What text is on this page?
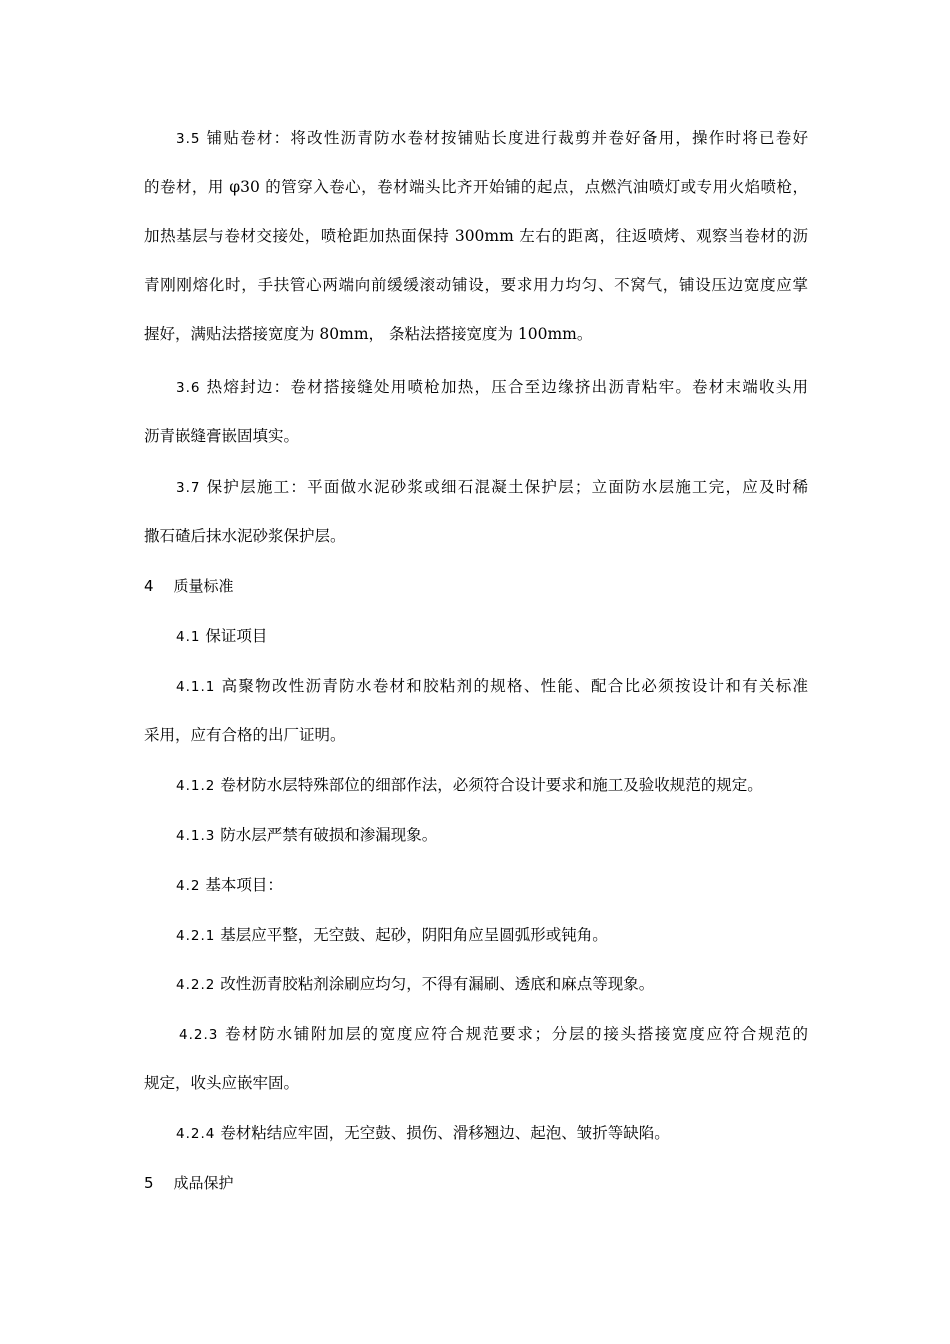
3.5 铺贴卷材：将改性沥青防水卷材按铺贴长度进行裁剪并卷好备用，操作时将已卷好
的卷材，用 φ30 的管穿入卷心，卷材端头比齐开始铺的起点，点燃汽油喷灯或专用火焰喷枪，
加热基层与卷材交接处，喷枪距加热面保持 300mm 左右的距离，往返喷烤、观察当卷材的沥
青刚刚熔化时，手扶管心两端向前缓缓滚动铺设，要求用力均匀、不窝气，铺设压边宽度应掌
握好，满贴法搭接宽度为 80mm， 条粘法搭接宽度为 100mm。
3.6 热熔封边：卷材搭接缝处用喷枪加热，压合至边缘挤出沥青粘牢。卷材末端收头用
沥青嵌缝膏嵌固填实。
3.7 保护层施工：平面做水泥砂浆或细石混凝土保护层；立面防水层施工完，应及时稀
撒石碴后抹水泥砂浆保护层。
4 质量标准
4.1 保证项目
4.1.1 高聚物改性沥青防水卷材和胶粘剂的规格、性能、配合比必须按设计和有关标准
采用，应有合格的出厂证明。
4.1.2 卷材防水层特殊部位的细部作法，必须符合设计要求和施工及验收规范的规定。
4.1.3 防水层严禁有破损和渗漏现象。
4.2 基本项目：
4.2.1 基层应平整，无空鼓、起砂，阴阳角应呈圆弧形或钝角。
4.2.2 改性沥青胶粘剂涂刷应均匀，不得有漏刷、透底和麻点等现象。
4.2.3 卷材防水铺附加层的宽度应符合规范要求；分层的接头搭接宽度应符合规范的
规定，收头应嵌牢固。
4.2.4 卷材粘结应牢固，无空鼓、损伤、滑移翘边、起泡、皱折等缺陷。
5 成品保护
